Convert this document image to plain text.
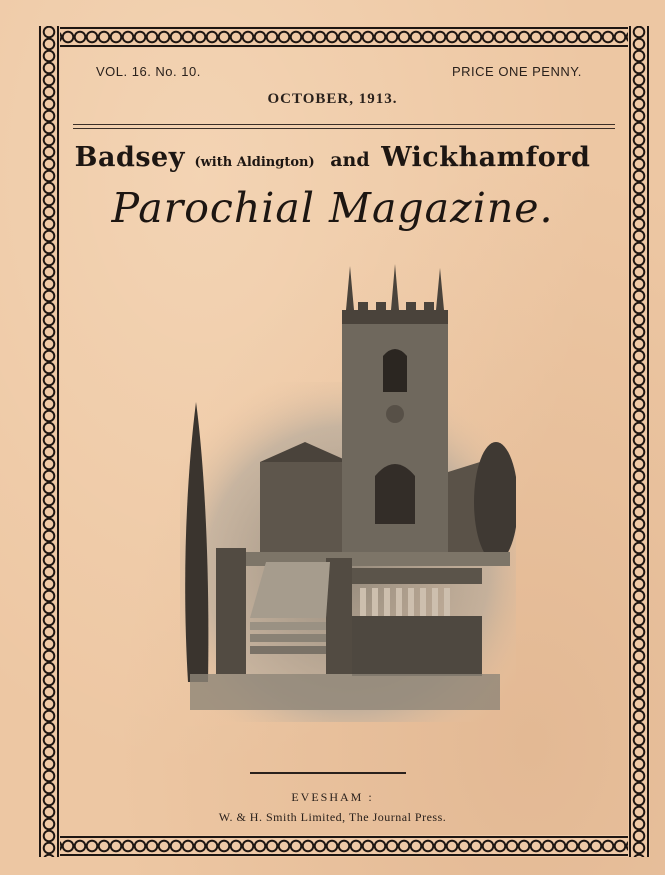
VOL. 16. No. 10.	PRICE ONE PENNY.
OCTOBER, 1913.
Badsey (with Aldington) and Wickhamford
Parochial Magazine.
EVESHAM :
W. & H. Smith Limited, The Journal Press.
